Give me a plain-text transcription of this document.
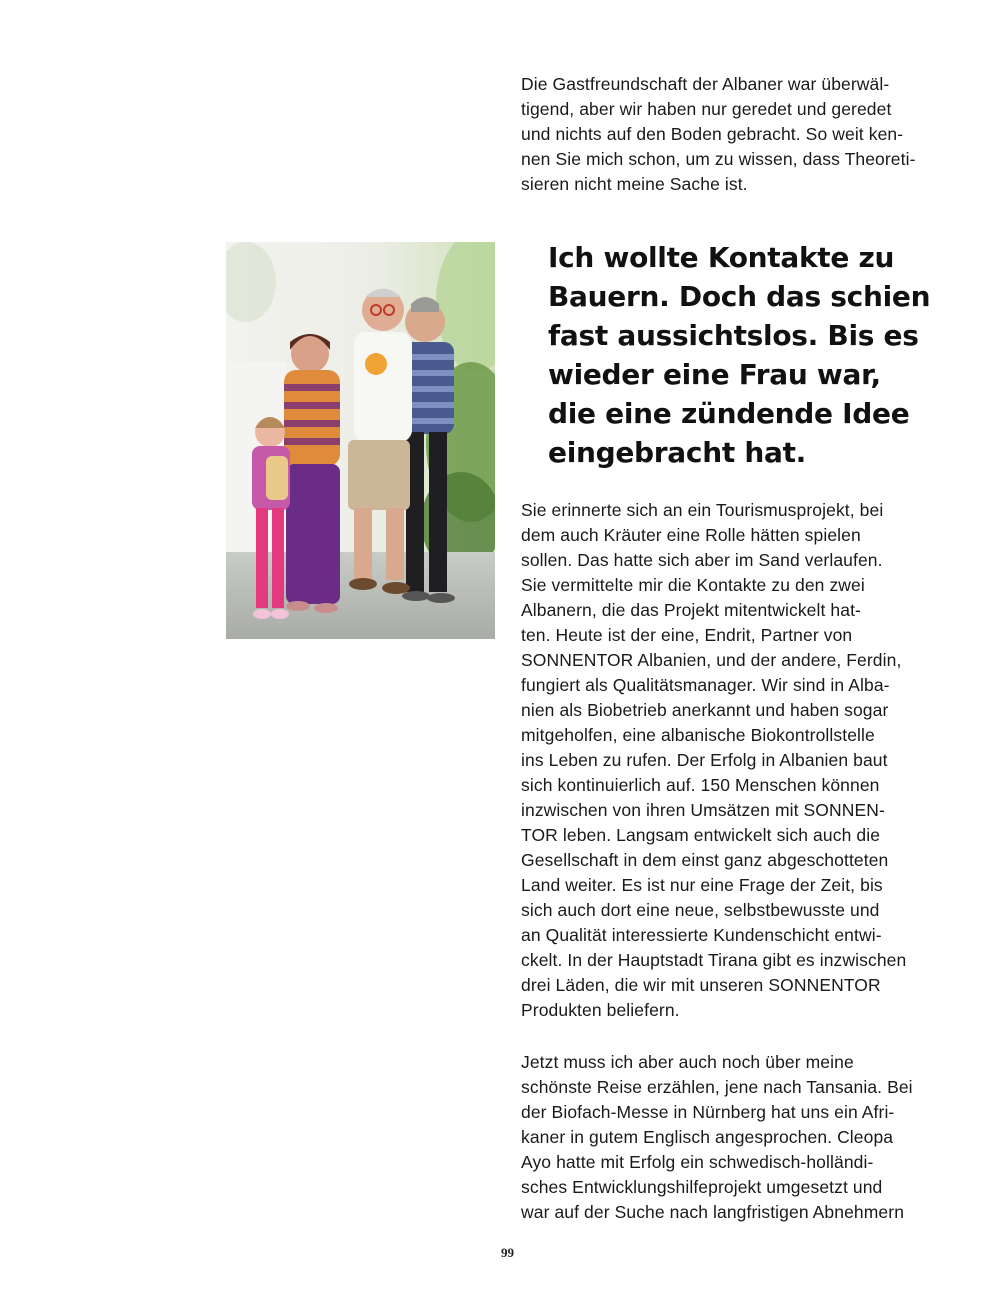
Die Gastfreundschaft der Albaner war überwäl-
tigend, aber wir haben nur geredet und geredet
und nichts auf den Boden gebracht. So weit ken-
nen Sie mich schon, um zu wissen, dass Theoreti-
sieren nicht meine Sache ist.
Ich wollte Kontakte zu
Bauern. Doch das schien
fast aussichtslos. Bis es
wieder eine Frau war,
die eine zündende Idee
eingebracht hat.
Sie erinnerte sich an ein Tourismusprojekt, bei
dem auch Kräuter eine Rolle hätten spielen
sollen. Das hatte sich aber im Sand verlaufen.
Sie vermittelte mir die Kontakte zu den zwei
Albanern, die das Projekt mitentwickelt hat-
ten. Heute ist der eine, Endrit, Partner von
SONNENTOR Albanien, und der andere, Ferdin,
fungiert als Qualitätsmanager. Wir sind in Alba-
nien als Biobetrieb anerkannt und haben sogar
mitgeholfen, eine albanische Biokontrollstelle
ins Leben zu rufen. Der Erfolg in Albanien baut
sich kontinuierlich auf. 150 Menschen können
inzwischen von ihren Umsätzen mit SONNEN-
TOR leben. Langsam entwickelt sich auch die
Gesellschaft in dem einst ganz abgeschotteten
Land weiter. Es ist nur eine Frage der Zeit, bis
sich auch dort eine neue, selbstbewusste und
an Qualität interessierte Kundenschicht entwi-
ckelt. In der Hauptstadt Tirana gibt es inzwischen
drei Läden, die wir mit unseren SONNENTOR
Produkten beliefern.
Jetzt muss ich aber auch noch über meine
schönste Reise erzählen, jene nach Tansania. Bei
der Biofach-Messe in Nürnberg hat uns ein Afri-
kaner in gutem Englisch angesprochen. Cleopa
Ayo hatte mit Erfolg ein schwedisch-holländi-
sches Entwicklungshilfeprojekt umgesetzt und
war auf der Suche nach langfristigen Abnehmern
99
